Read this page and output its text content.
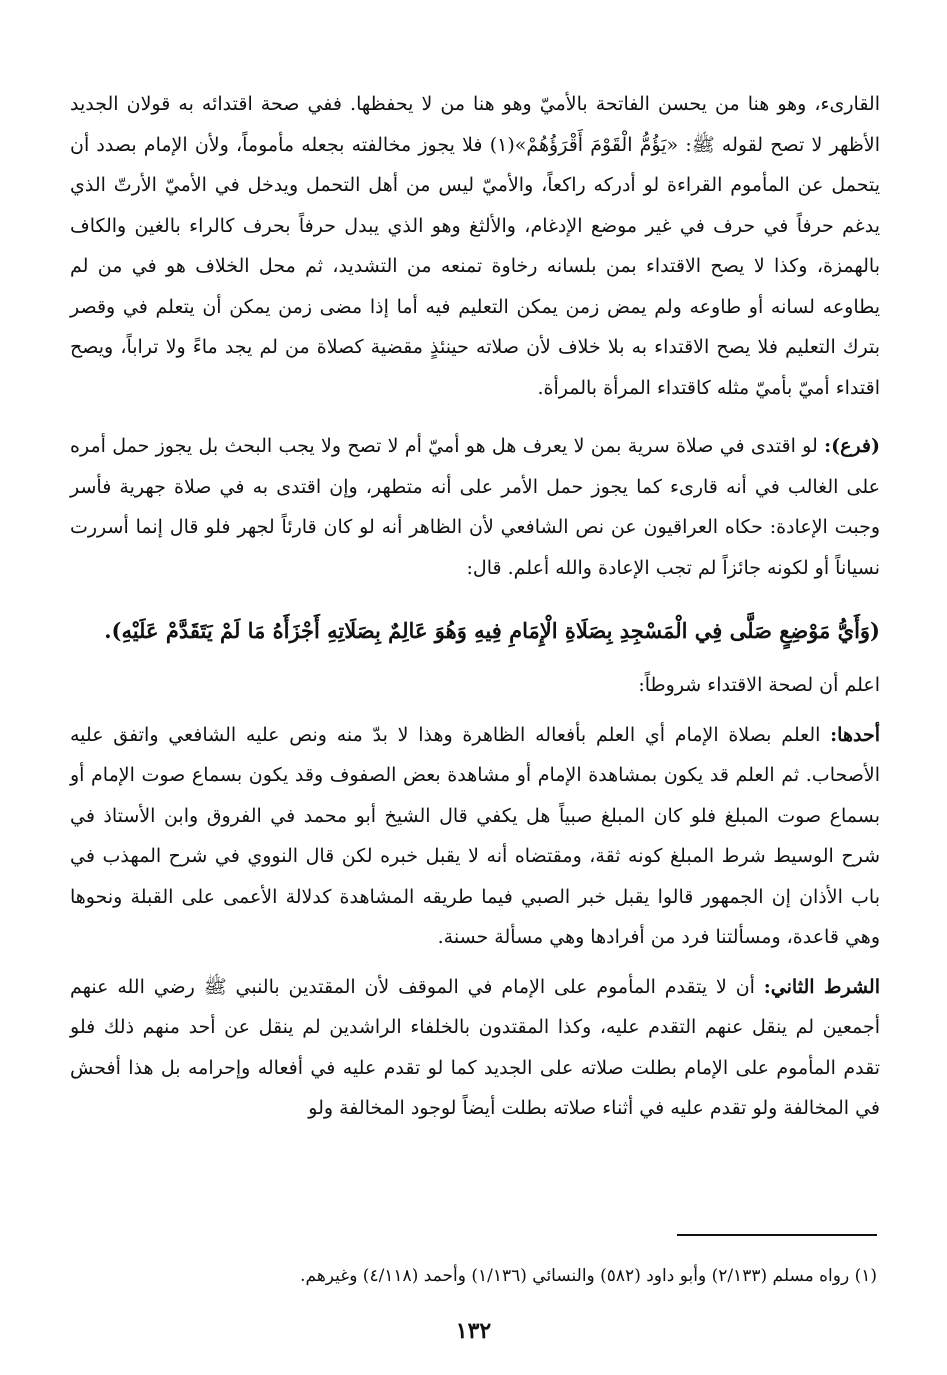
القارىء، وهو هنا من يحسن الفاتحة بالأميّ وهو هنا من لا يحفظها. ففي صحة اقتدائه به قولان الجديد الأظهر لا تصح لقوله ﷺ: «يَؤُمُّ الْقَوْمَ أَقْرَؤُهُمْ»(١) فلا يجوز مخالفته بجعله مأموماً، ولأن الإمام بصدد أن يتحمل عن المأموم القراءة لو أدركه راكعاً، والأميّ ليس من أهل التحمل ويدخل في الأميّ الأرتّ الذي يدغم حرفاً في حرف في غير موضع الإدغام، والألثغ وهو الذي يبدل حرفاً بحرف كالراء بالغين والكاف بالهمزة، وكذا لا يصح الاقتداء بمن بلسانه رخاوة تمنعه من التشديد، ثم محل الخلاف هو في من لم يطاوعه لسانه أو طاوعه ولم يمض زمن يمكن التعليم فيه أما إذا مضى زمن يمكن أن يتعلم في وقصر بترك التعليم فلا يصح الاقتداء به بلا خلاف لأن صلاته حينئذٍ مقضية كصلاة من لم يجد ماءً ولا تراباً، ويصح اقتداء أميّ بأميّ مثله كاقتداء المرأة بالمرأة.

(فرع): لو اقتدى في صلاة سرية بمن لا يعرف هل هو أميّ أم لا تصح ولا يجب البحث بل يجوز حمل أمره على الغالب في أنه قارىء كما يجوز حمل الأمر على أنه متطهر، وإن اقتدى به في صلاة جهرية فأسر وجبت الإعادة: حكاه العراقيون عن نص الشافعي لأن الظاهر أنه لو كان قارئاً لجهر فلو قال إنما أسررت نسياناً أو لكونه جائزاً لم تجب الإعادة والله أعلم. قال:

(وَأَيُّ مَوْضِعٍ صَلَّى فِي الْمَسْجِدِ بِصَلَاةِ الْإِمَامِ فِيهِ وَهُوَ عَالِمٌ بِصَلَاتِهِ أَجْزَأَهُ مَا لَمْ يَتَقَدَّمْ عَلَيْهِ).

اعلم أن لصحة الاقتداء شروطاً:

أحدها: العلم بصلاة الإمام أي العلم بأفعاله الظاهرة وهذا لا بدّ منه ونص عليه الشافعي واتفق عليه الأصحاب. ثم العلم قد يكون بمشاهدة الإمام أو مشاهدة بعض الصفوف وقد يكون بسماع صوت الإمام أو بسماع صوت المبلغ فلو كان المبلغ صبياً هل يكفي قال الشيخ أبو محمد في الفروق وابن الأستاذ في شرح الوسيط شرط المبلغ كونه ثقة، ومقتضاه أنه لا يقبل خبره لكن قال النووي في شرح المهذب في باب الأذان إن الجمهور قالوا يقبل خبر الصبي فيما طريقه المشاهدة كدلالة الأعمى على القبلة ونحوها وهي قاعدة، ومسألتنا فرد من أفرادها وهي مسألة حسنة.

الشرط الثاني: أن لا يتقدم المأموم على الإمام في الموقف لأن المقتدين بالنبي ﷺ رضي الله عنهم أجمعين لم ينقل عنهم التقدم عليه، وكذا المقتدون بالخلفاء الراشدين لم ينقل عن أحد منهم ذلك فلو تقدم المأموم على الإمام بطلت صلاته على الجديد كما لو تقدم عليه في أفعاله وإحرامه بل هذا أفحش في المخالفة ولو تقدم عليه في أثناء صلاته بطلت أيضاً لوجود المخالفة ولو

(١) رواه مسلم (٢/١٣٣) وأبو داود (٥٨٢) والنسائي (١/١٣٦) وأحمد (٤/١١٨) وغيرهم.

١٣٢
